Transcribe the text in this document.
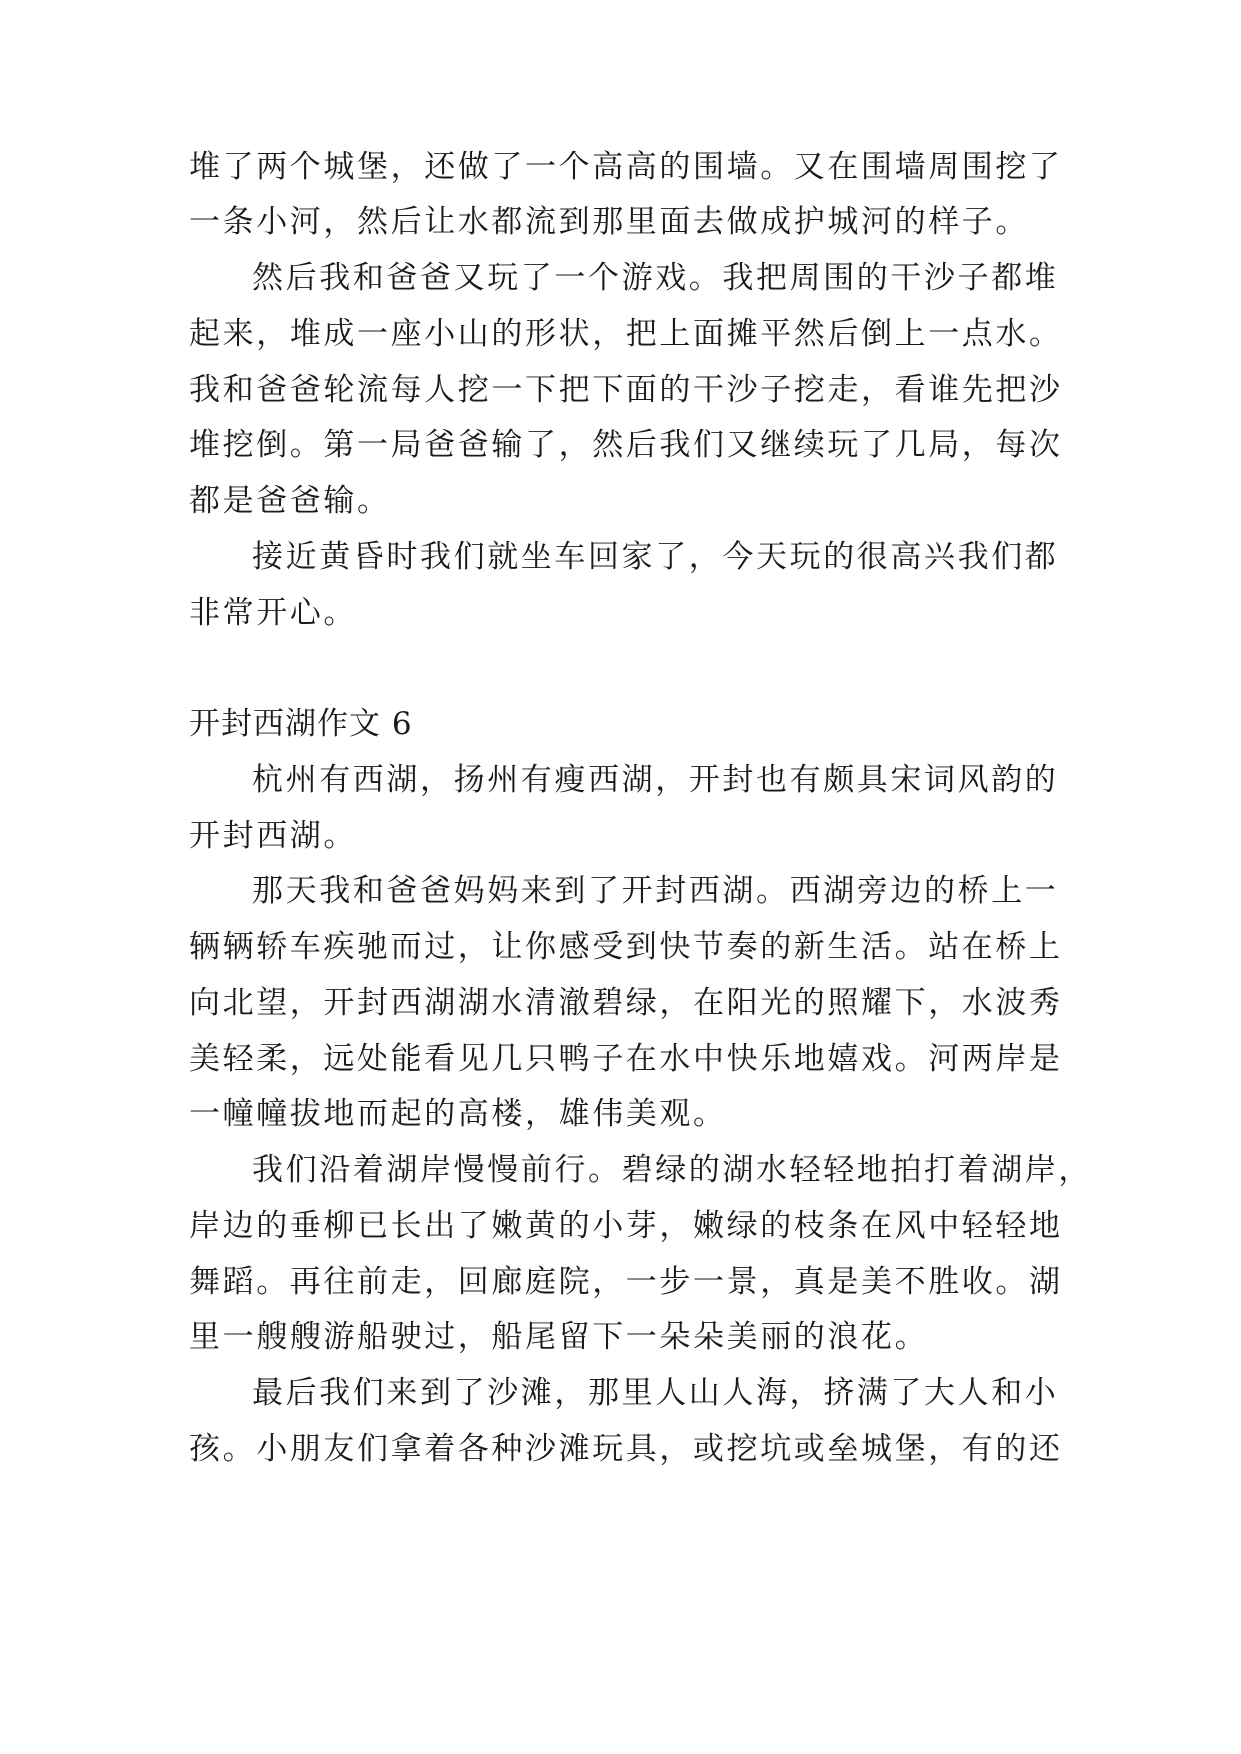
堆了两个城堡，还做了一个高高的围墙。又在围墙周围挖了

一条小河，然后让水都流到那里面去做成护城河的样子。

然后我和爸爸又玩了一个游戏。我把周围的干沙子都堆

起来，堆成一座小山的形状，把上面摊平然后倒上一点水。

我和爸爸轮流每人挖一下把下面的干沙子挖走，看谁先把沙

堆挖倒。第一局爸爸输了，然后我们又继续玩了几局，每次

都是爸爸输。

接近黄昏时我们就坐车回家了，今天玩的很高兴我们都

非常开心。

开封西湖作文 6

杭州有西湖，扬州有瘦西湖，开封也有颇具宋词风韵的

开封西湖。

那天我和爸爸妈妈来到了开封西湖。西湖旁边的桥上一

辆辆轿车疾驰而过，让你感受到快节奏的新生活。站在桥上

向北望，开封西湖湖水清澈碧绿，在阳光的照耀下，水波秀

美轻柔，远处能看见几只鸭子在水中快乐地嬉戏。河两岸是

一幢幢拔地而起的高楼，雄伟美观。

我们沿着湖岸慢慢前行。碧绿的湖水轻轻地拍打着湖岸，

岸边的垂柳已长出了嫩黄的小芽，嫩绿的枝条在风中轻轻地

舞蹈。再往前走，回廊庭院，一步一景，真是美不胜收。湖

里一艘艘游船驶过，船尾留下一朵朵美丽的浪花。

最后我们来到了沙滩，那里人山人海，挤满了大人和小

孩。小朋友们拿着各种沙滩玩具，或挖坑或垒城堡，有的还
